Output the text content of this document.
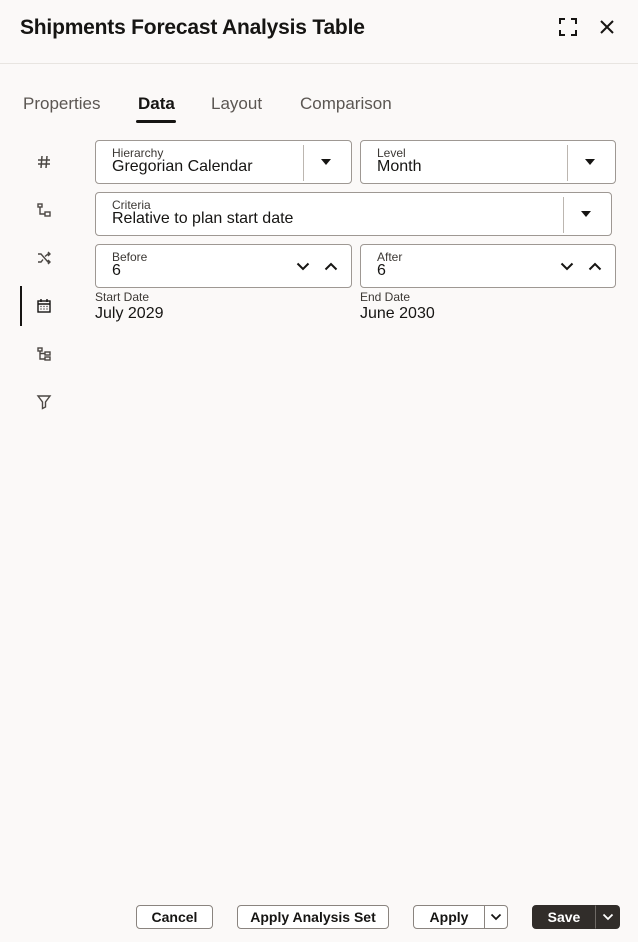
Shipments Forecast Analysis Table
Properties Data Layout Comparison
Hierarchy
Gregorian Calendar
Level
Month
Criteria
Relative to plan start date
Before
6
After
6
Start Date
July 2029
End Date
June 2030
Cancel	Apply Analysis Set	Apply	Save
